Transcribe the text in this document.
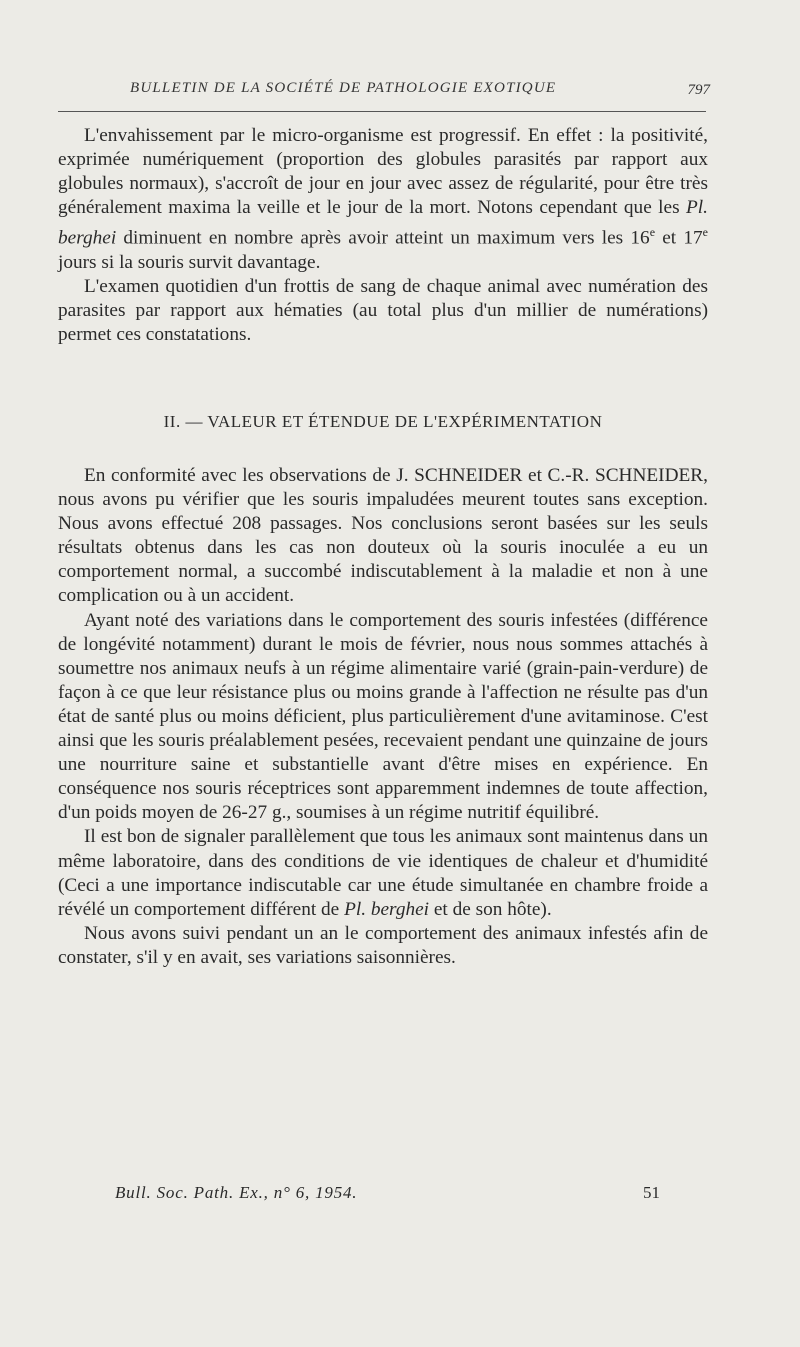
BULLETIN DE LA SOCIÉTÉ DE PATHOLOGIE EXOTIQUE	797

L'envahissement par le micro-organisme est progressif. En effet : la positivité, exprimée numériquement (proportion des globules parasités par rapport aux globules normaux), s'accroît de jour en jour avec assez de régularité, pour être très généralement maxima la veille et le jour de la mort. Notons cependant que les Pl. berghei diminuent en nombre après avoir atteint un maximum vers les 16e et 17e jours si la souris survit davantage.

L'examen quotidien d'un frottis de sang de chaque animal avec numération des parasites par rapport aux hématies (au total plus d'un millier de numérations) permet ces constatations.

II. — VALEUR ET ÉTENDUE DE L'EXPÉRIMENTATION

En conformité avec les observations de J. SCHNEIDER et C.-R. SCHNEIDER, nous avons pu vérifier que les souris impaludées meurent toutes sans exception. Nous avons effectué 208 passages. Nos conclusions seront basées sur les seuls résultats obtenus dans les cas non douteux où la souris inoculée a eu un comportement normal, a succombé indiscutablement à la maladie et non à une complication ou à un accident.

Ayant noté des variations dans le comportement des souris infestées (différence de longévité notamment) durant le mois de février, nous nous sommes attachés à soumettre nos animaux neufs à un régime alimentaire varié (grain-pain-verdure) de façon à ce que leur résistance plus ou moins grande à l'affection ne résulte pas d'un état de santé plus ou moins déficient, plus particulièrement d'une avitaminose. C'est ainsi que les souris préalablement pesées, recevaient pendant une quinzaine de jours une nourriture saine et substantielle avant d'être mises en expérience. En conséquence nos souris réceptrices sont apparemment indemnes de toute affection, d'un poids moyen de 26-27 g., soumises à un régime nutritif équilibré.

Il est bon de signaler parallèlement que tous les animaux sont maintenus dans un même laboratoire, dans des conditions de vie identiques de chaleur et d'humidité (Ceci a une importance indiscutable car une étude simultanée en chambre froide a révélé un comportement différent de Pl. berghei et de son hôte).

Nous avons suivi pendant un an le comportement des animaux infestés afin de constater, s'il y en avait, ses variations saisonnières.

Bull. Soc. Path. Ex., n° 6, 1954.	51
